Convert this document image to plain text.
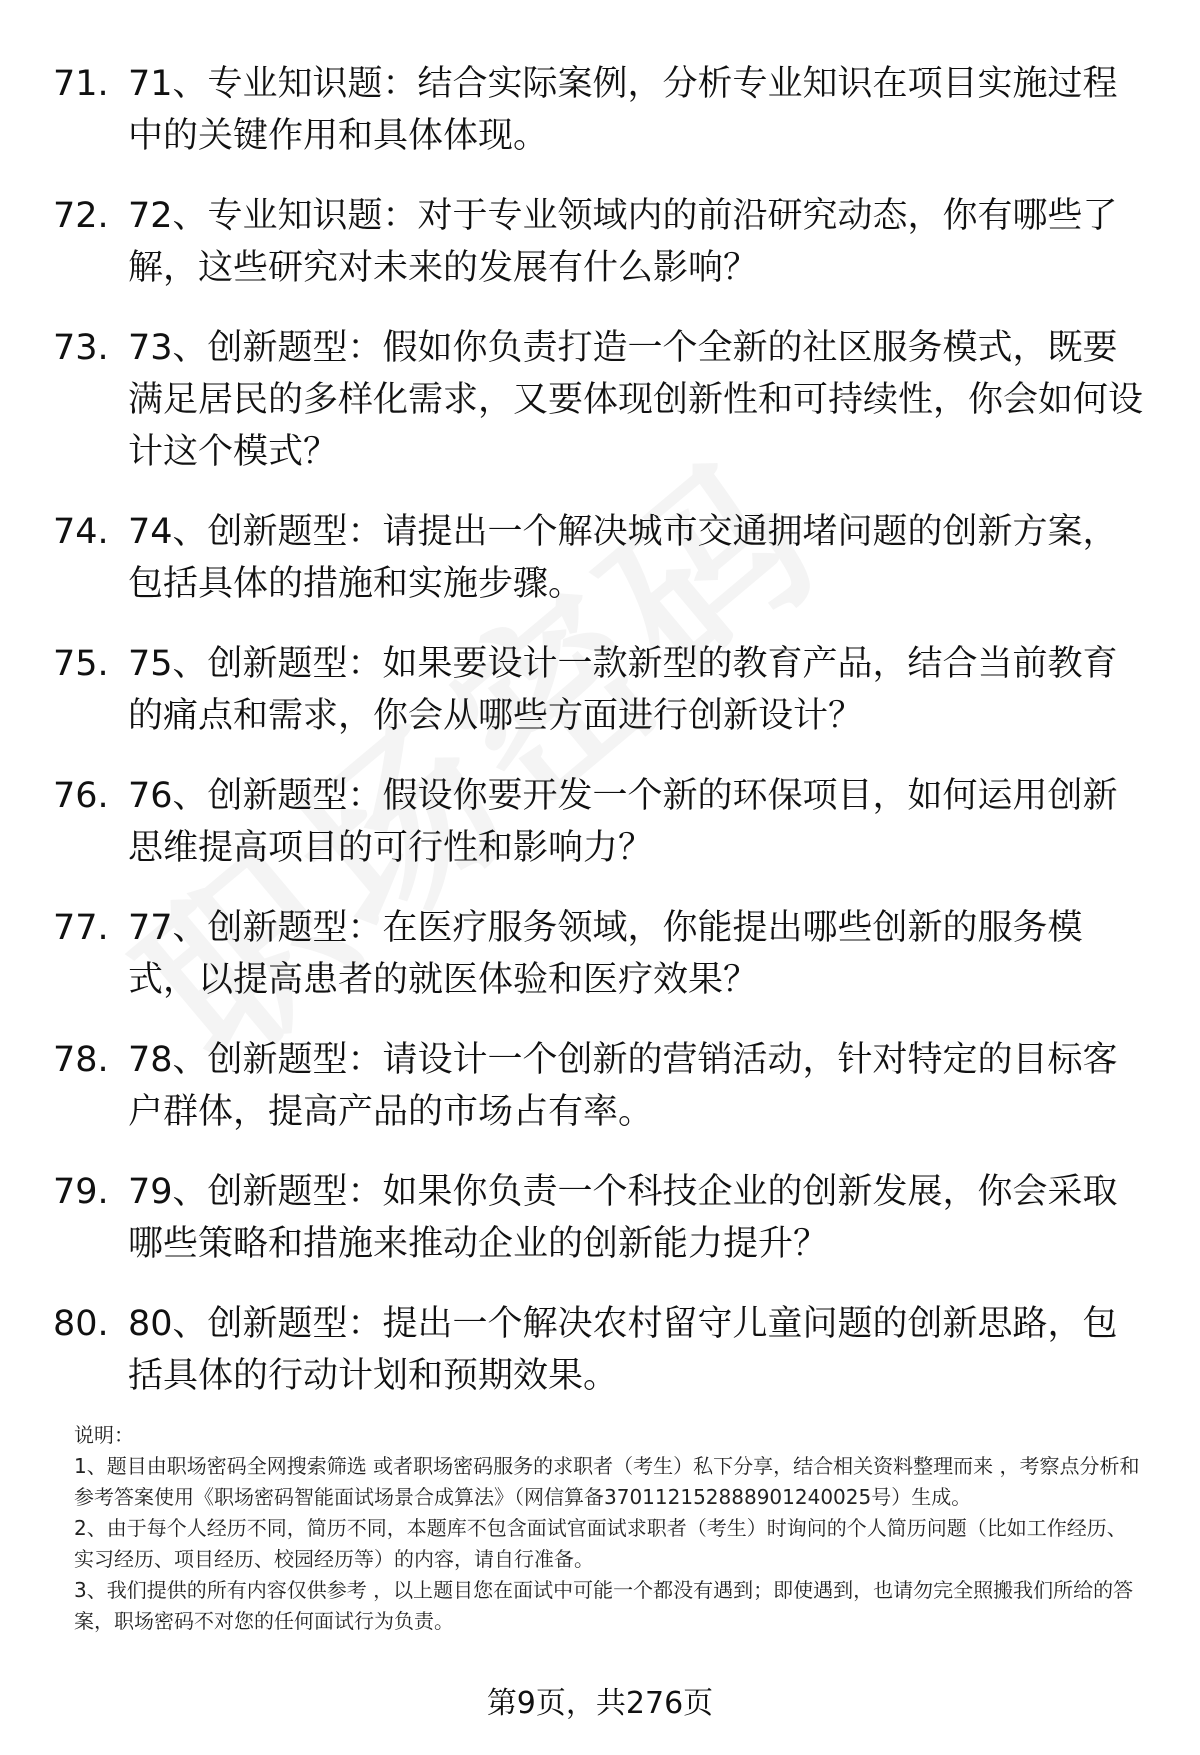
71. 71、专业知识题：结合实际案例，分析专业知识在项目实施过程中的关键作用和具体体现。
72. 72、专业知识题：对于专业领域内的前沿研究动态，你有哪些了解，这些研究对未来的发展有什么影响？
73. 73、创新题型：假如你负责打造一个全新的社区服务模式，既要满足居民的多样化需求，又要体现创新性和可持续性，你会如何设计这个模式？
74. 74、创新题型：请提出一个解决城市交通拥堵问题的创新方案，包括具体的措施和实施步骤。
75. 75、创新题型：如果要设计一款新型的教育产品，结合当前教育的痛点和需求，你会从哪些方面进行创新设计？
76. 76、创新题型：假设你要开发一个新的环保项目，如何运用创新思维提高项目的可行性和影响力？
77. 77、创新题型：在医疗服务领域，你能提出哪些创新的服务模式，以提高患者的就医体验和医疗效果？
78. 78、创新题型：请设计一个创新的营销活动，针对特定的目标客户群体，提高产品的市场占有率。
79. 79、创新题型：如果你负责一个科技企业的创新发展，你会采取哪些策略和措施来推动企业的创新能力提升？
80. 80、创新题型：提出一个解决农村留守儿童问题的创新思路，包括具体的行动计划和预期效果。

说明：

1、题目由职场密码全网搜索筛选 或者职场密码服务的求职者（考生）私下分享，结合相关资料整理而来 ，考察点分析和参考答案使用《职场密码智能面试场景合成算法》（网信算备370112152888901240025号）生成。

2、由于每个人经历不同，简历不同，本题库不包含面试官面试求职者（考生）时询问的个人简历问题（比如工作经历、实习经历、项目经历、校园经历等）的内容，请自行准备。

3、我们提供的所有内容仅供参考 ，以上题目您在面试中可能一个都没有遇到；即使遇到，也请勿完全照搬我们所给的答案，职场密码不对您的任何面试行为负责。

第9页，共276页
